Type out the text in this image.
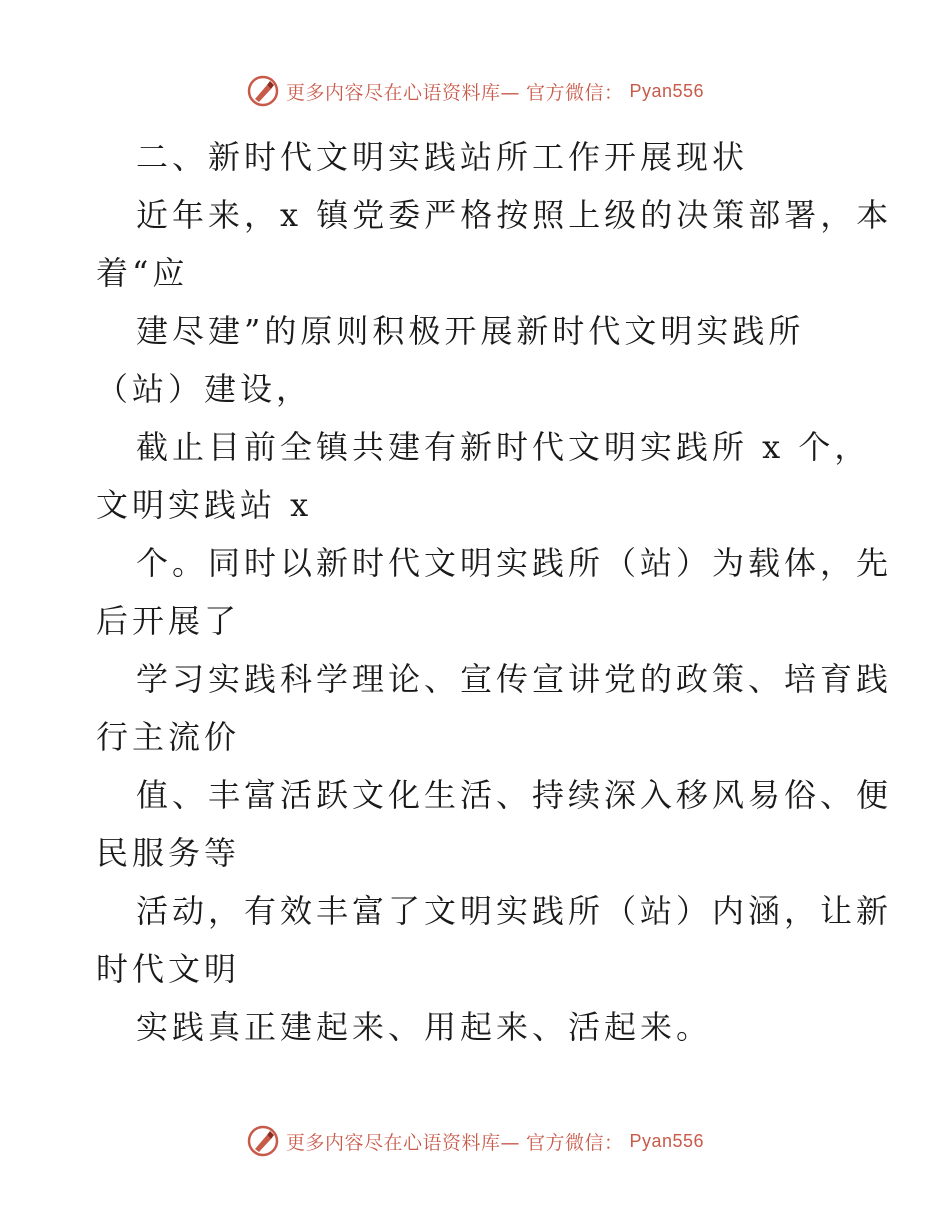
更多内容尽在心语资料库— 官方微信： Pyan556

二、新时代文明实践站所工作开展现状

近年来，x 镇党委严格按照上级的决策部署，本

着“应

建尽建”的原则积极开展新时代文明实践所

（站）建设，

截止目前全镇共建有新时代文明实践所 x 个，

文明实践站 x

个。同时以新时代文明实践所（站）为载体，先

后开展了

学习实践科学理论、宣传宣讲党的政策、培育践

行主流价

值、丰富活跃文化生活、持续深入移风易俗、便

民服务等

活动，有效丰富了文明实践所（站）内涵，让新

时代文明

实践真正建起来、用起来、活起来。

更多内容尽在心语资料库— 官方微信： Pyan556
